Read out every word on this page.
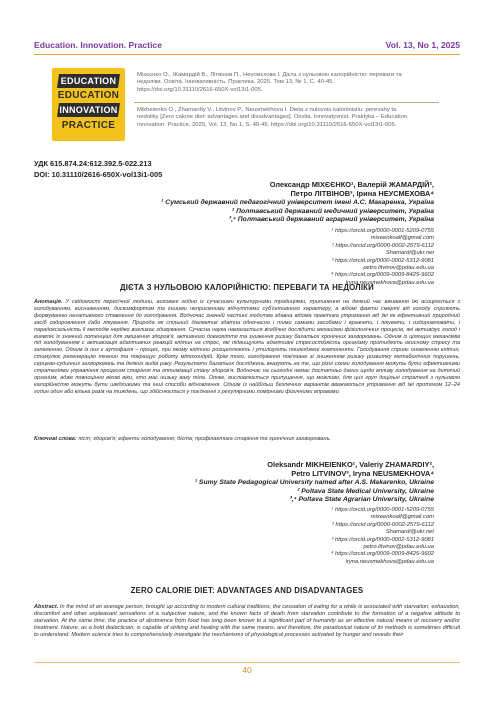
Education. Innovation. Practice	Vol. 13, No 1, 2025
EDUCATION
EDUCATION
INNOVATION
PRACTICE
Міхєєнко О., Жамардій В., Літвінов П., Неусмєхова І. Дієта з нульовою калорійністю: переваги та
недоліки. Освіта. Інновативність. Практика. 2025. Том 13, № 1. С. 40-45.
https://doi.org/10.31110/2616-650X-vol13i1-005.
Mikheienko O., Zhamardiy V., Litvinov P., Neusmekhova I. Dieta z nulovoiu kaloriinistiu: perevahy ta
nedoliky [Zero calorie diet: advantages and disadvantages]. Osvita. Innovatyvnist. Praktyka – Education.
Innovation. Practice, 2025, Vol. 13, No 1, S. 40-45. https://doi.org/10.31110/2616-650X-vol13i1-005.
УДК 615.874.24:612.392.5-022.213
DOI: 10.31110/2616-650X-vol13i1-005
Олександр МІХЄЄНКО¹, Валерій ЖАМАРДІЙ²,
Петро ЛІТВІНОВ³, Ірина НЕУСМЕХОВА⁴
¹ Сумський державний педагогічний університет імені А.С. Макаренка, Україна
² Полтавський державний медичний університет, Україна
³,⁴ Полтавський державний аграрний університет, Україна
¹ https://orcid.org/0000-0001-5209-0755
mixeenkoalf@gmail.com
² https://orcid.org/0000-0002-2579-6112
Shamardi@ukr.net
³ https://orcid.org/0000-0002-5312-9081
petro.litvinov@pdau.edu.ua
⁴ https://orcid.org/0009-0009-8425-9602
iryna.neusmekhova@pdau.edu.ua
ДІЄТА З НУЛЬОВОЮ КАЛОРІЙНІСТЮ: ПЕРЕВАГИ ТА НЕДОЛІКИ
Анотація. У свідомості пересічної людини, виховані згідно із сучасними культурними традиціями, припинення на деякий час вживання їжі асоціюється з голодуванням, виснаженням, дискомфортом та іншими неприємними відчуттями суб'єктивного характеру, а відомі факти смерті від голоду сприяють формуванню негативного ставлення до голодування. Водночас значній частині людства здавна відома практика утримання від їжі як ефективний природний засіб оздоровлення і/або лікування. Природа як спільний діалектик здатна одночасно і тими самими засобами і вражати, і лікувати, і оздоровлювати, і парадоксальність її методів нерідко викликає здивування. Сучасна наука намагається всебічно дослідити механізми фізіологічних процесів, які активізує голод і виявляє їх значний потенціал для зміцнення здоров'я, активного довголіття та зниження ризику багатьох хронічних захворювань. Одним із цілющих механізмів під голодуванням є активізація адаптивних реакцій клітин на стрес, які підвищують адаптивні стресостійкість організму протидіють окисному стресу та запаленню. Одним із них є аутофагія – процес, при якому клітини розщеплюють і утилізують пошкоджені компоненти. Голодування сприяє оновленню клітин, стимулює регенерацію тканин та покращує роботу мітохондрій. Крім того, голодування пов'язане зі зниженням ризику розвитку метаболічних порушень, серцево-судинних захворювань та деяких видів раку. Результати багатьох досліджень вказують на те, що різні схеми голодування можуть бути ефективними стратегіями управління процесом старіння та оптимізації стану здоров'я. Водночас на сьогодні немає достатньо даних щодо впливу голодування на дитячий організм, адже повноцінно вікові віки, хто має низьку вагу тіла. Отже, висловлюється припущення, що можливо, для цих груп доцільні стратегії з нульовою калорійністю можуть бути шкідливими та інші способи відновлення. Одним із найбільш безпечних варіантів вважаються утримання від їжі протягом 12–24 годин один або кілька разів на тиждень, що здійснюється у поєднанні з регулярними помірними фізичними вправами.
Ключові слова: піст; здоров'я; ефекти голодування; дієта; профілактика старіння та хронічних захворювань.
Oleksandr MIKHEIENKO¹, Valeriy ZHAMARDIY²,
Petro LITVINOV³, Iryna NEUSMEKHOVA⁴
¹ Sumy State Pedagogical University named after A.S. Makarenko, Ukraine
² Poltava State Medical University, Ukraine
³,⁴ Poltava State Agrarian University, Ukraine
¹ https://orcid.org/0000-0001-5209-0755
mixeenkoalf@gmail.com
² https://orcid.org/0000-0002-2579-6112
Shamardi@ukr.net
³ https://orcid.org/0000-0002-5312-9081
petro.litvinov@pdau.edu.ua
⁴ https://orcid.org/0009-0009-8425-9602
iryna.neusmekhova@pdau.edu.ua
ZERO CALORIE DIET: ADVANTAGES AND DISADVANTAGES
Abstract. In the mind of an average person, brought up according to modern cultural traditions, the cessation of eating for a while is associated with starvation, exhaustion, discomfort and other unpleasant sensations of a subjective nature, and the known facts of death from starvation contribute to the formation of a negative attitude to starvation. At the same time, the practice of abstinence from food has long been known to a significant part of humanity as an effective natural means of recovery and/or treatment. Nature, as a bold dialectician, is capable of striking and healing with the same means, and therefore, the paradoxical nature of its methods is sometimes difficult to understand. Modern science tries to comprehensively investigate the mechanisms of physiological processes activated by hunger and reveals their
40
